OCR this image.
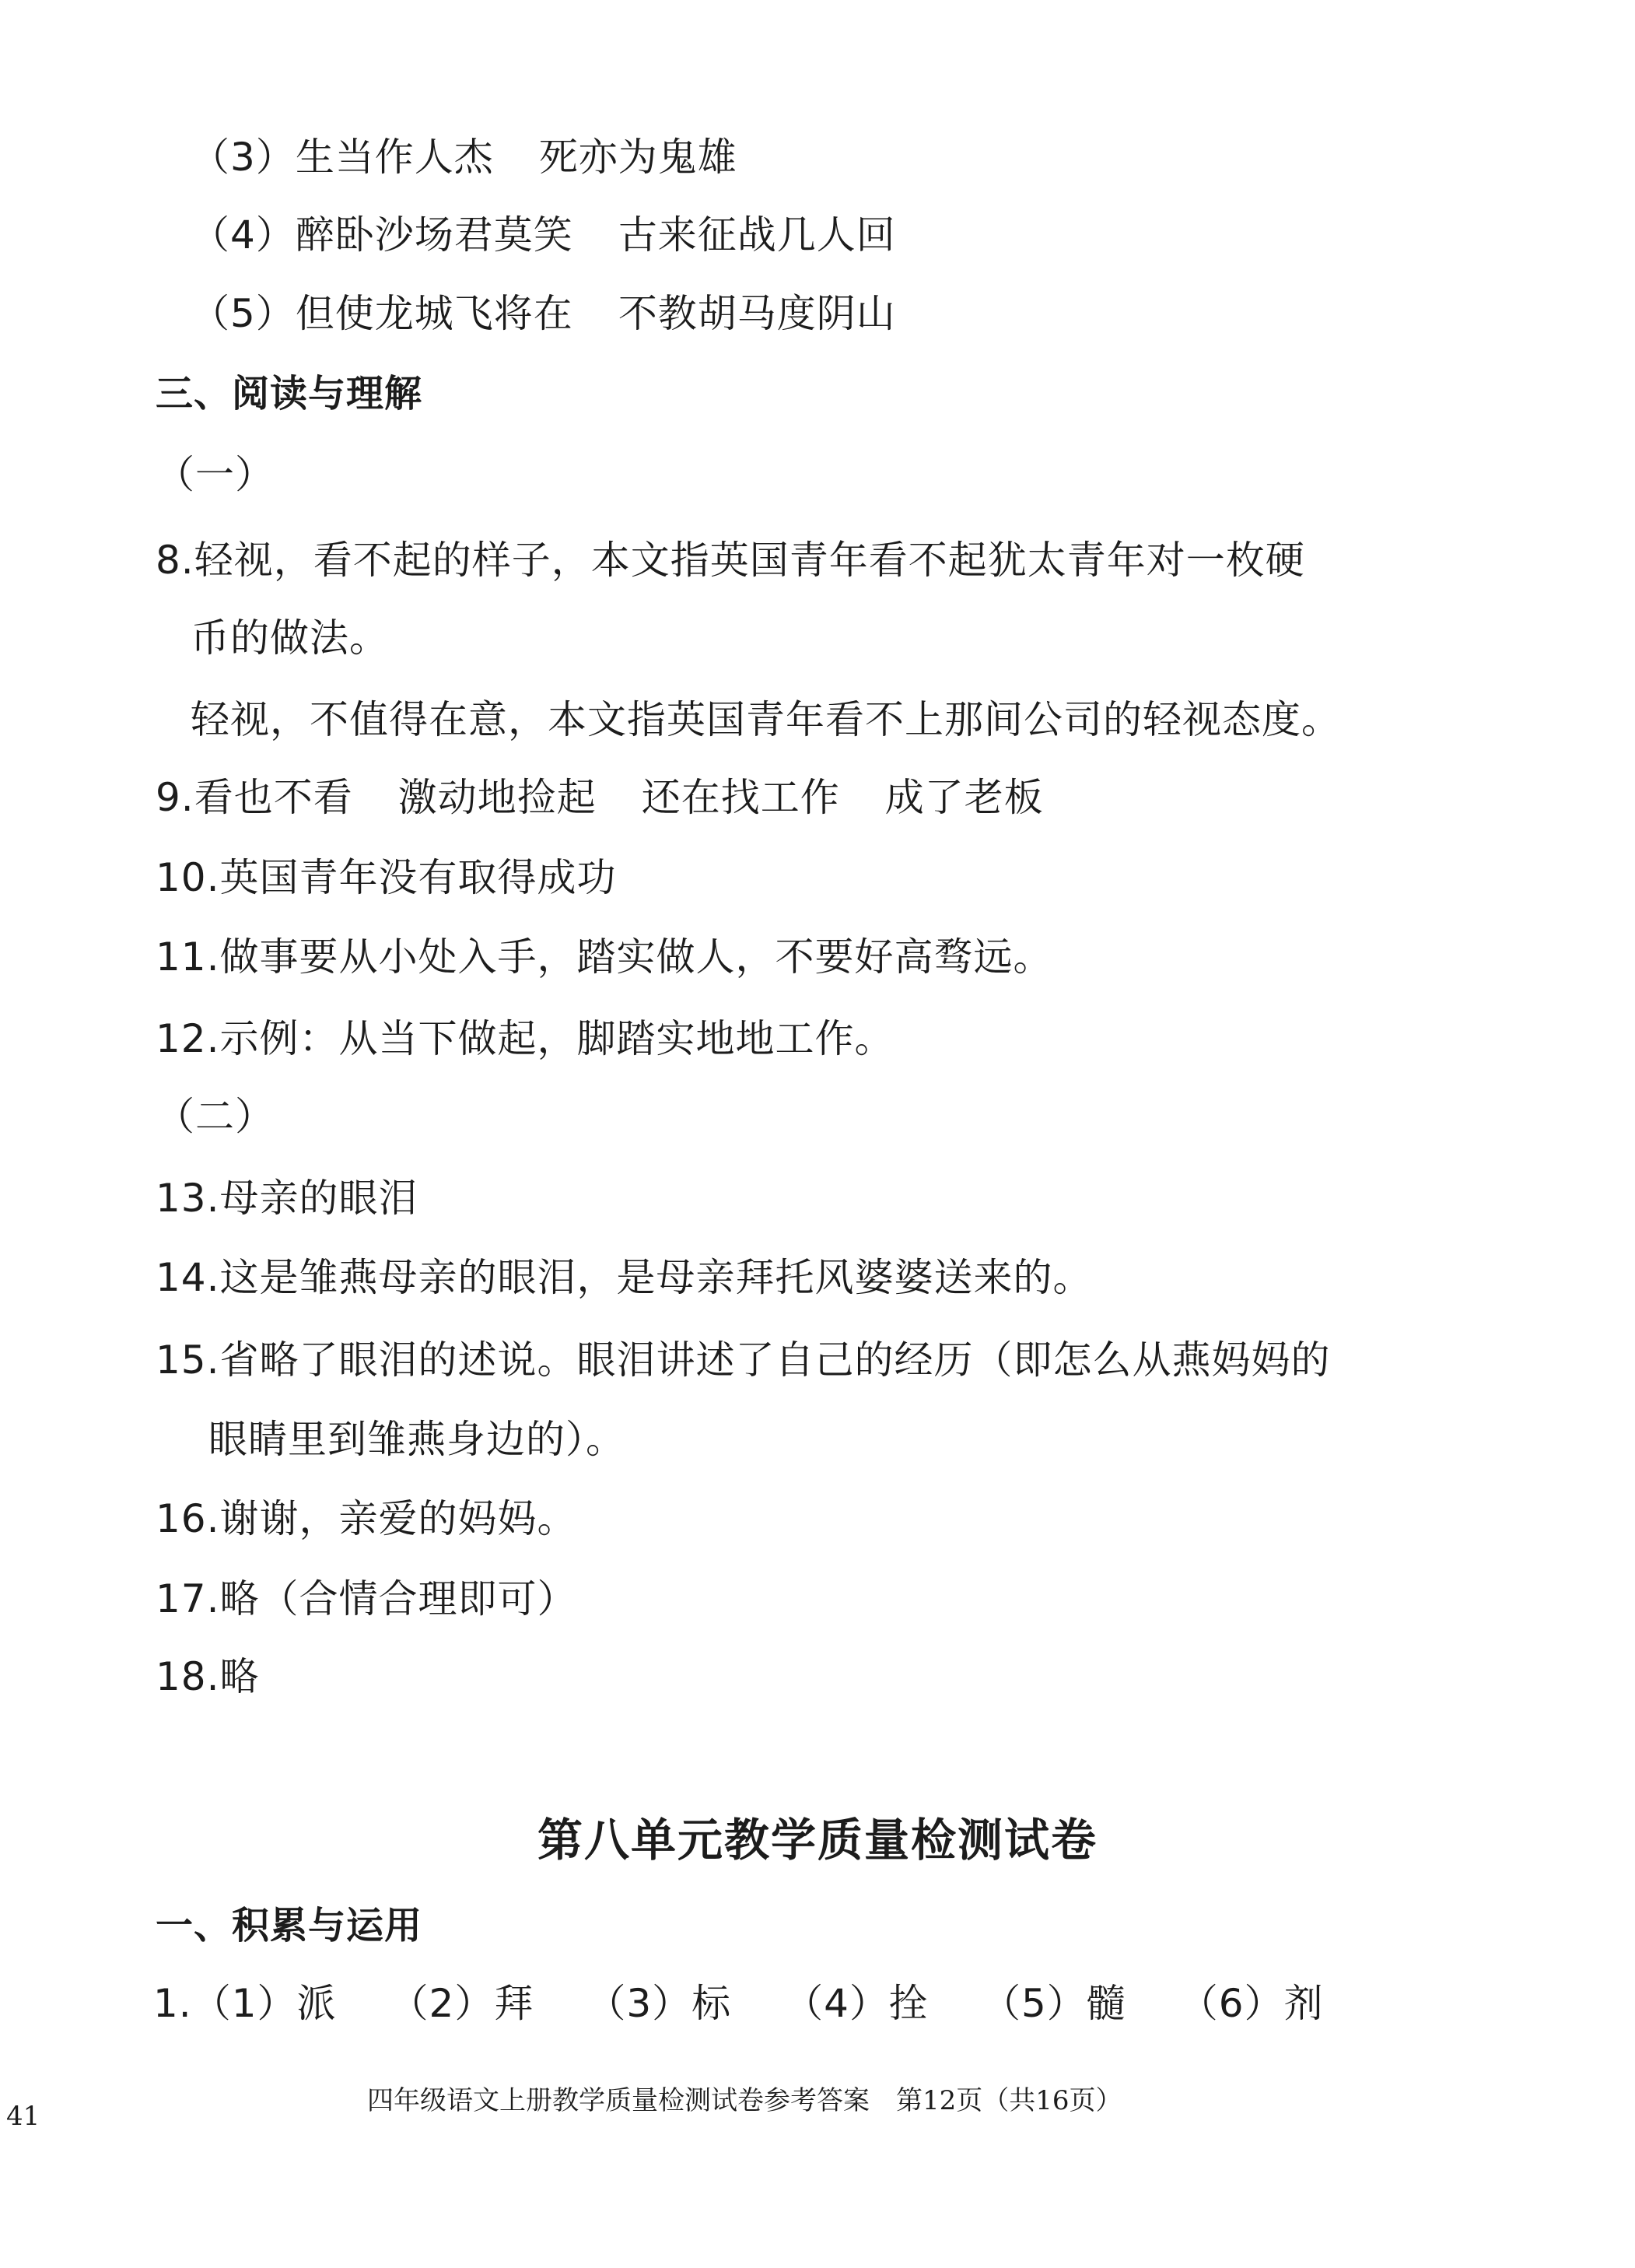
（3）生当作人杰 死亦为鬼雄
（4）醉卧沙场君莫笑 古来征战几人回
（5）但使龙城飞将在 不教胡马度阴山
三、阅读与理解
（一）
8.轻视，看不起的样子，本文指英国青年看不起犹太青年对一枚硬
币的做法。
轻视，不值得在意，本文指英国青年看不上那间公司的轻视态度。
9.看也不看 激动地捡起 还在找工作 成了老板
10.英国青年没有取得成功
11.做事要从小处入手，踏实做人，不要好高骛远。
12.示例：从当下做起，脚踏实地地工作。
（二）
13.母亲的眼泪
14.这是雏燕母亲的眼泪，是母亲拜托风婆婆送来的。
15.省略了眼泪的述说。眼泪讲述了自己的经历（即怎么从燕妈妈的
眼睛里到雏燕身边的）。
16.谢谢，亲爱的妈妈。
17.略（合情合理即可）
18.略
第八单元教学质量检测试卷
一、积累与运用
1.（1）派 （2）拜 （3）标 （4）拴 （5）髓 （6）剂
41	四年级语文上册教学质量检测试卷参考答案　第12页（共16页）
